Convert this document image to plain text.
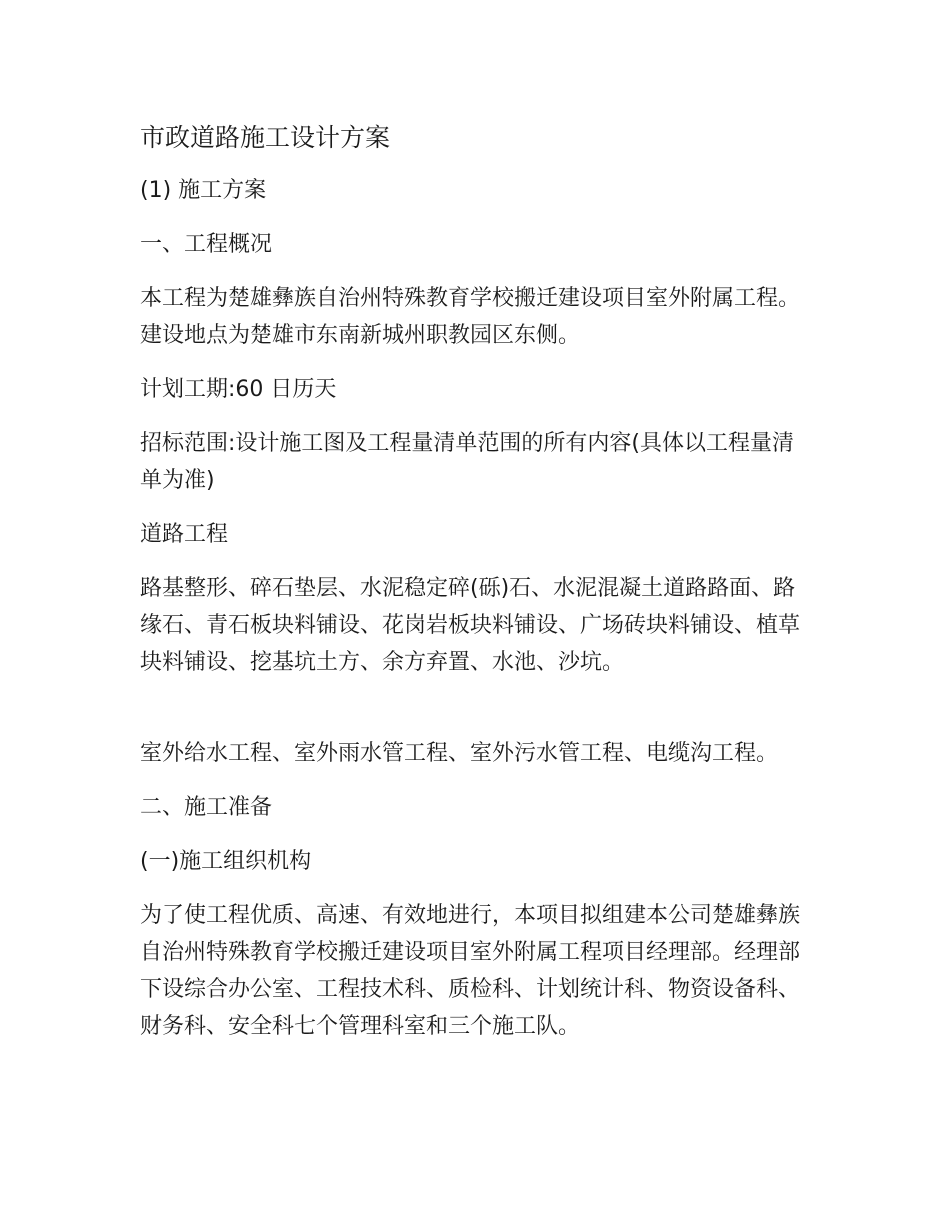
市政道路施工设计方案

(1) 施工方案

一、工程概况

本工程为楚雄彝族自治州特殊教育学校搬迁建设项目室外附属工程。建设地点为楚雄市东南新城州职教园区东侧。

计划工期:60 日历天

招标范围:设计施工图及工程量清单范围的所有内容(具体以工程量清单为准)

道路工程

路基整形、碎石垫层、水泥稳定碎(砾)石、水泥混凝土道路路面、路缘石、青石板块料铺设、花岗岩板块料铺设、广场砖块料铺设、植草块料铺设、挖基坑土方、余方弃置、水池、沙坑。

室外给水工程、室外雨水管工程、室外污水管工程、电缆沟工程。

二、施工准备

(一)施工组织机构

为了使工程优质、高速、有效地进行，本项目拟组建本公司楚雄彝族自治州特殊教育学校搬迁建设项目室外附属工程项目经理部。经理部下设综合办公室、工程技术科、质检科、计划统计科、物资设备科、财务科、安全科七个管理科室和三个施工队。
